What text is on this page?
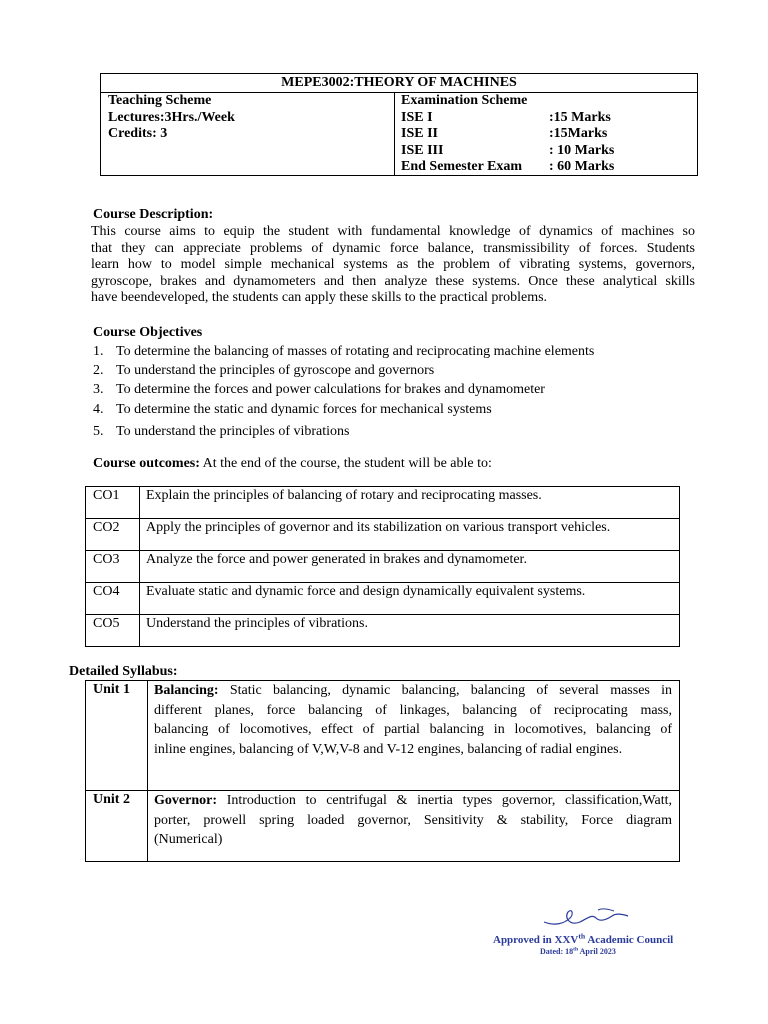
MEPE3002:THEORY OF MACHINES
Teaching Scheme
Lectures:3Hrs./Week
Credits: 3
Examination Scheme
ISE I	:15 Marks
ISE II	:15Marks
ISE III	: 10 Marks
End Semester Exam : 60 Marks
Course Description:
This course aims to equip the student with fundamental knowledge of dynamics of machines so
that they can appreciate problems of dynamic force balance, transmissibility of forces. Students
learn how to model simple mechanical systems as the problem of vibrating systems, governors,
gyroscope, brakes and dynamometers and then analyze these systems. Once these analytical skills
have beendeveloped, the students can apply these skills to the practical problems.
Course Objectives
1. To determine the balancing of masses of rotating and reciprocating machine elements
2. To understand the principles of gyroscope and governors
3. To determine the forces and power calculations for brakes and dynamometer
4. To determine the static and dynamic forces for mechanical systems
5. To understand the principles of vibrations
Course outcomes: At the end of the course, the student will be able to:
CO1 Explain the principles of balancing of rotary and reciprocating masses.
CO2 Apply the principles of governor and its stabilization on various transport vehicles.
CO3 Analyze the force and power generated in brakes and dynamometer.
CO4 Evaluate static and dynamic force and design dynamically equivalent systems.
CO5 Understand the principles of vibrations.
Detailed Syllabus:
Unit 1 Balancing: Static balancing, dynamic balancing, balancing of several masses in
different planes, force balancing of linkages, balancing of reciprocating mass,
balancing of locomotives, effect of partial balancing in locomotives, balancing of
inline engines, balancing of V,W,V-8 and V-12 engines, balancing of radial engines.
Unit 2 Governor: Introduction to centrifugal & inertia types governor, classification,Watt,
porter, prowell spring loaded governor, Sensitivity & stability, Force diagram
(Numerical)
Approved in XXVth Academic Council
Dated: 18th April 2023
